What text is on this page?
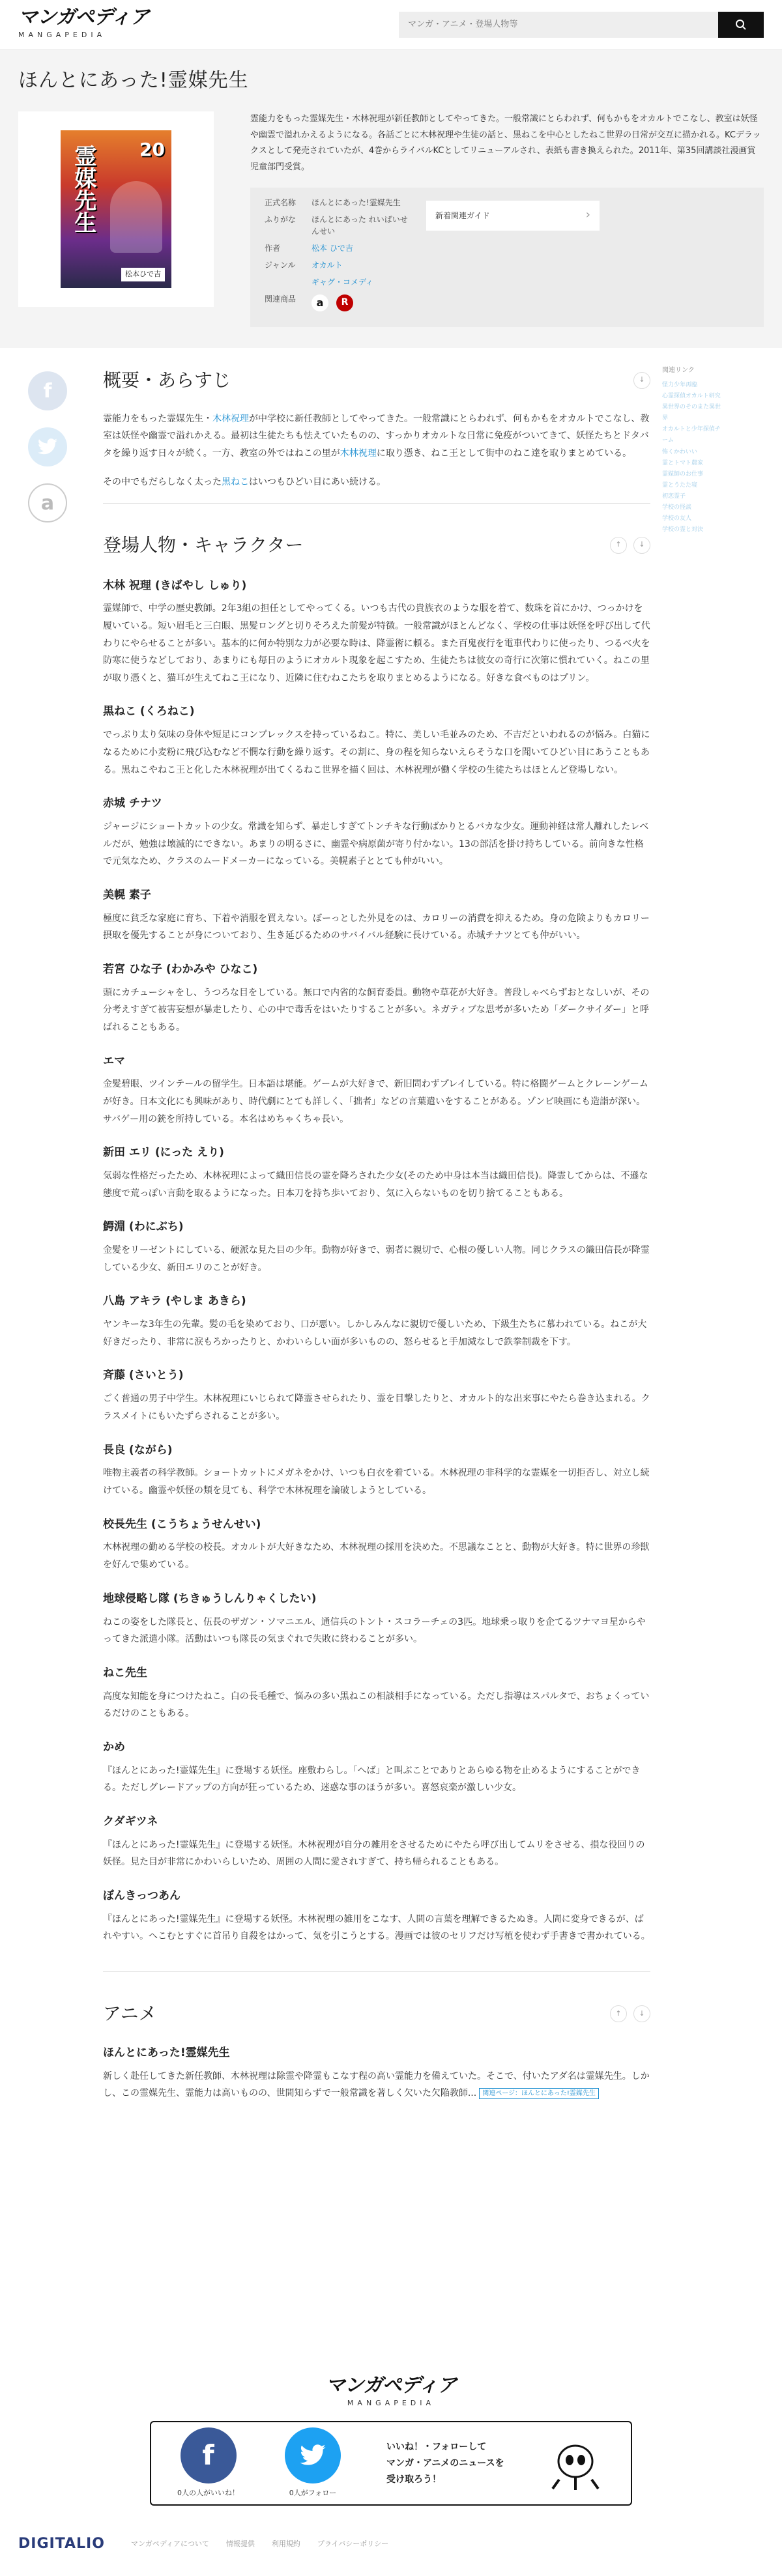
マンガペディア
MANGAPEDIA
マンガ・アニメ・登場人物等
ほんとにあった!霊媒先生
霊媒先生 20
松本ひで吉

霊能力をもった霊媒先生・木林祝理が新任教師としてやってきた。一般常識にとらわれず、何もかもをオカルトでこなし、教室は妖怪や幽霊で溢れかえるようになる。各話ごとに木林祝理や生徒の話と、黒ねこを中心としたねこ世界の日常が交互に描かれる。KCデラックスとして発売されていたが、4巻からライバルKCとしてリニューアルされ、表紙も書き換えられた。2011年、第35回講談社漫画賞児童部門受賞。

正式名称	ほんとにあった!霊媒先生
ふりがな	ほんとにあった れいばいせんせい
作者	松本 ひで吉
ジャンル	オカルト
ギャグ・コメディ
関連商品	a	R
新着関連ガイド	›
f
a
概要・あらすじ	↓

霊能力をもった霊媒先生・木林祝理が中学校に新任教師としてやってきた。一般常識にとらわれず、何もかもをオカルトでこなし、教室は妖怪や幽霊で溢れかえる。最初は生徒たちも怯えていたものの、すっかりオカルトな日常に免疫がついてきて、妖怪たちとドタバタを繰り返す日々が続く。一方、教室の外ではねこの里が木林祝理に取り憑き、ねこ王として街中のねこ達を取りまとめている。

その中でもだらしなく太った黒ねこはいつもひどい目にあい続ける。

登場人物・キャラクター	↑ ↓
木林 祝理 (きばやし しゅり)

霊媒師で、中学の歴史教師。2年3組の担任としてやってくる。いつも古代の貴族衣のような服を着て、数珠を首にかけ、つっかけを履いている。短い眉毛と三白眼、黒髪ロングと切りそろえた前髪が特徴。一般常識がほとんどなく、学校の仕事は妖怪を呼び出して代わりにやらせることが多い。基本的に何か特別な力が必要な時は、降霊術に頼る。また百鬼夜行を電車代わりに使ったり、つるべ火を防寒に使うなどしており、あまりにも毎日のようにオカルト現象を起こすため、生徒たちは彼女の奇行に次第に慣れていく。ねこの里が取り憑くと、猫耳が生えてねこ王になり、近隣に住むねこたちを取りまとめるようになる。好きな食べものはプリン。

黒ねこ (くろねこ)

でっぷり太り気味の身体や短足にコンプレックスを持っているねこ。特に、美しい毛並みのため、不吉だといわれるのが悩み。白猫になるために小麦粉に飛び込むなど不憫な行動を繰り返す。その割に、身の程を知らないえらそうな口を聞いてひどい目にあうこともある。黒ねこやねこ王と化した木林祝理が出てくるねこ世界を描く回は、木林祝理が働く学校の生徒たちはほとんど登場しない。

赤城 チナツ

ジャージにショートカットの少女。常識を知らず、暴走しすぎてトンチキな行動ばかりとるバカな少女。運動神経は常人離れしたレベルだが、勉強は壊滅的にできない。あまりの明るさに、幽霊や病原菌が寄り付かない。13の部活を掛け持ちしている。前向きな性格で元気なため、クラスのムードメーカーになっている。美幌素子ととても仲がいい。

美幌 素子

極度に貧乏な家庭に育ち、下着や消服を買えない。ぼーっとした外見をのは、カロリーの消費を抑えるため。身の危険よりもカロリー摂取を優先することが身についており、生き延びるためのサバイバル経験に長けている。赤城チナツとても仲がいい。

若宮 ひな子 (わかみや ひなこ)

頭にカチューシャをし、うつろな目をしている。無口で内省的な飼育委員。動物や草花が大好き。普段しゃべらずおとなしいが、その分考えすぎて被害妄想が暴走したり、心の中で毒舌をはいたりすることが多い。ネガティブな思考が多いため「ダークサイダー」と呼ばれることもある。

エマ

金髪碧眼、ツインテールの留学生。日本語は堪能。ゲームが大好きで、新旧問わずプレイしている。特に格闘ゲームとクレーンゲームが好き。日本文化にも興味があり、時代劇にとても詳しく、「拙者」などの言葉遣いをすることがある。ゾンビ映画にも造詣が深い。サバゲー用の銃を所持している。本名はめちゃくちゃ長い。

新田 エリ (にった えり)

気弱な性格だったため、木林祝理によって織田信長の霊を降ろされた少女(そのため中身は本当は織田信長)。降霊してからは、不遜な態度で荒っぽい言動を取るようになった。日本刀を持ち歩いており、気に入らないものを切り捨てることもある。

鰐淵 (わにぶち)

金髪をリーゼントにしている、硬派な見た目の少年。動物が好きで、弱者に親切で、心根の優しい人物。同じクラスの織田信長が降霊している少女、新田エリのことが好き。

八島 アキラ (やしま あきら)

ヤンキーな3年生の先輩。髪の毛を染めており、口が悪い。しかしみんなに親切で優しいため、下級生たちに慕われている。ねこが大好きだったり、非常に涙もろかったりと、かわいらしい面が多いものの、怒らせると手加減なしで鉄拳制裁を下す。

斉藤 (さいとう)

ごく普通の男子中学生。木林祝理にいじられて降霊させられたり、霊を目撃したりと、オカルト的な出来事にやたら巻き込まれる。クラスメイトにもいたずらされることが多い。

長良 (ながら)

唯物主義者の科学教師。ショートカットにメガネをかけ、いつも白衣を着ている。木林祝理の非科学的な霊媒を一切拒否し、対立し続けている。幽霊や妖怪の類を見ても、科学で木林祝理を論破しようとしている。

校長先生 (こうちょうせんせい)

木林祝理の勤める学校の校長。オカルトが大好きなため、木林祝理の採用を決めた。不思議なことと、動物が大好き。特に世界の珍獣を好んで集めている。

地球侵略し隊 (ちきゅうしんりゃくしたい)

ねこの姿をした隊長と、伍長のザガン・ソマニエル、通信兵のトント・スコラーチェの3匹。地球乗っ取りを企てるツナマヨ星からやってきた派遣小隊。活動はいつも隊長の気まぐれで失敗に終わることが多い。

ねこ先生

高度な知能を身につけたねこ。白の長毛種で、悩みの多い黒ねこの相談相手になっている。ただし指導はスパルタで、おちょくっているだけのこともある。

かめ

『ほんとにあった!霊媒先生』に登場する妖怪。座敷わらし。「へば」と叫ぶことでありとあらゆる物を止めるようにすることができる。ただしグレードアップの方向が狂っているため、迷惑な事のほうが多い。喜怒哀楽が激しい少女。

クダギツネ

『ほんとにあった!霊媒先生』に登場する妖怪。木林祝理が自分の雑用をさせるためにやたら呼び出してムリをさせる、損な役回りの妖怪。見た目が非常にかわいらしいため、周囲の人間に愛されすぎて、持ち帰られることもある。

ぼんきっつあん

『ほんとにあった!霊媒先生』に登場する妖怪。木林祝理の雑用をこなす、人間の言葉を理解できるたぬき。人間に変身できるが、ばれやすい。へこむとすぐに首吊り自殺をはかって、気を引こうとする。漫画では彼のセリフだけ写植を使わず手書きで書かれている。

アニメ	↑ ↓
ほんとにあった!霊媒先生

新しく赴任してきた新任教師、木林祝理は除霊や降霊もこなす程の高い霊能力を備えていた。そこで、付いたアダ名は霊媒先生。しかし、この霊媒先生、霊能力は高いものの、世間知らずで一般常識を著しく欠いた欠陥教師... 関連ページ：ほんとにあった!霊媒先生

関連リンク
怪力少年再臨
心霊探偵オカルト研究
異世界のそのまた異世界
オカルトと少年探偵チーム
怖くかわいい
霊とトマト農家
霊媒師のお仕事
霊とうたた寝
初恋霊子
学校の怪談
学校の友人
学校の霊と対決
マンガペディア
MANGAPEDIA
f
0人の人がいいね！	0人がフォロー
いいね！・フォローして
マンガ・アニメのニュースを
受け取ろう！
DIGITALIO	マンガペディアについて 情報提供 利用規約 プライバシーポリシー
